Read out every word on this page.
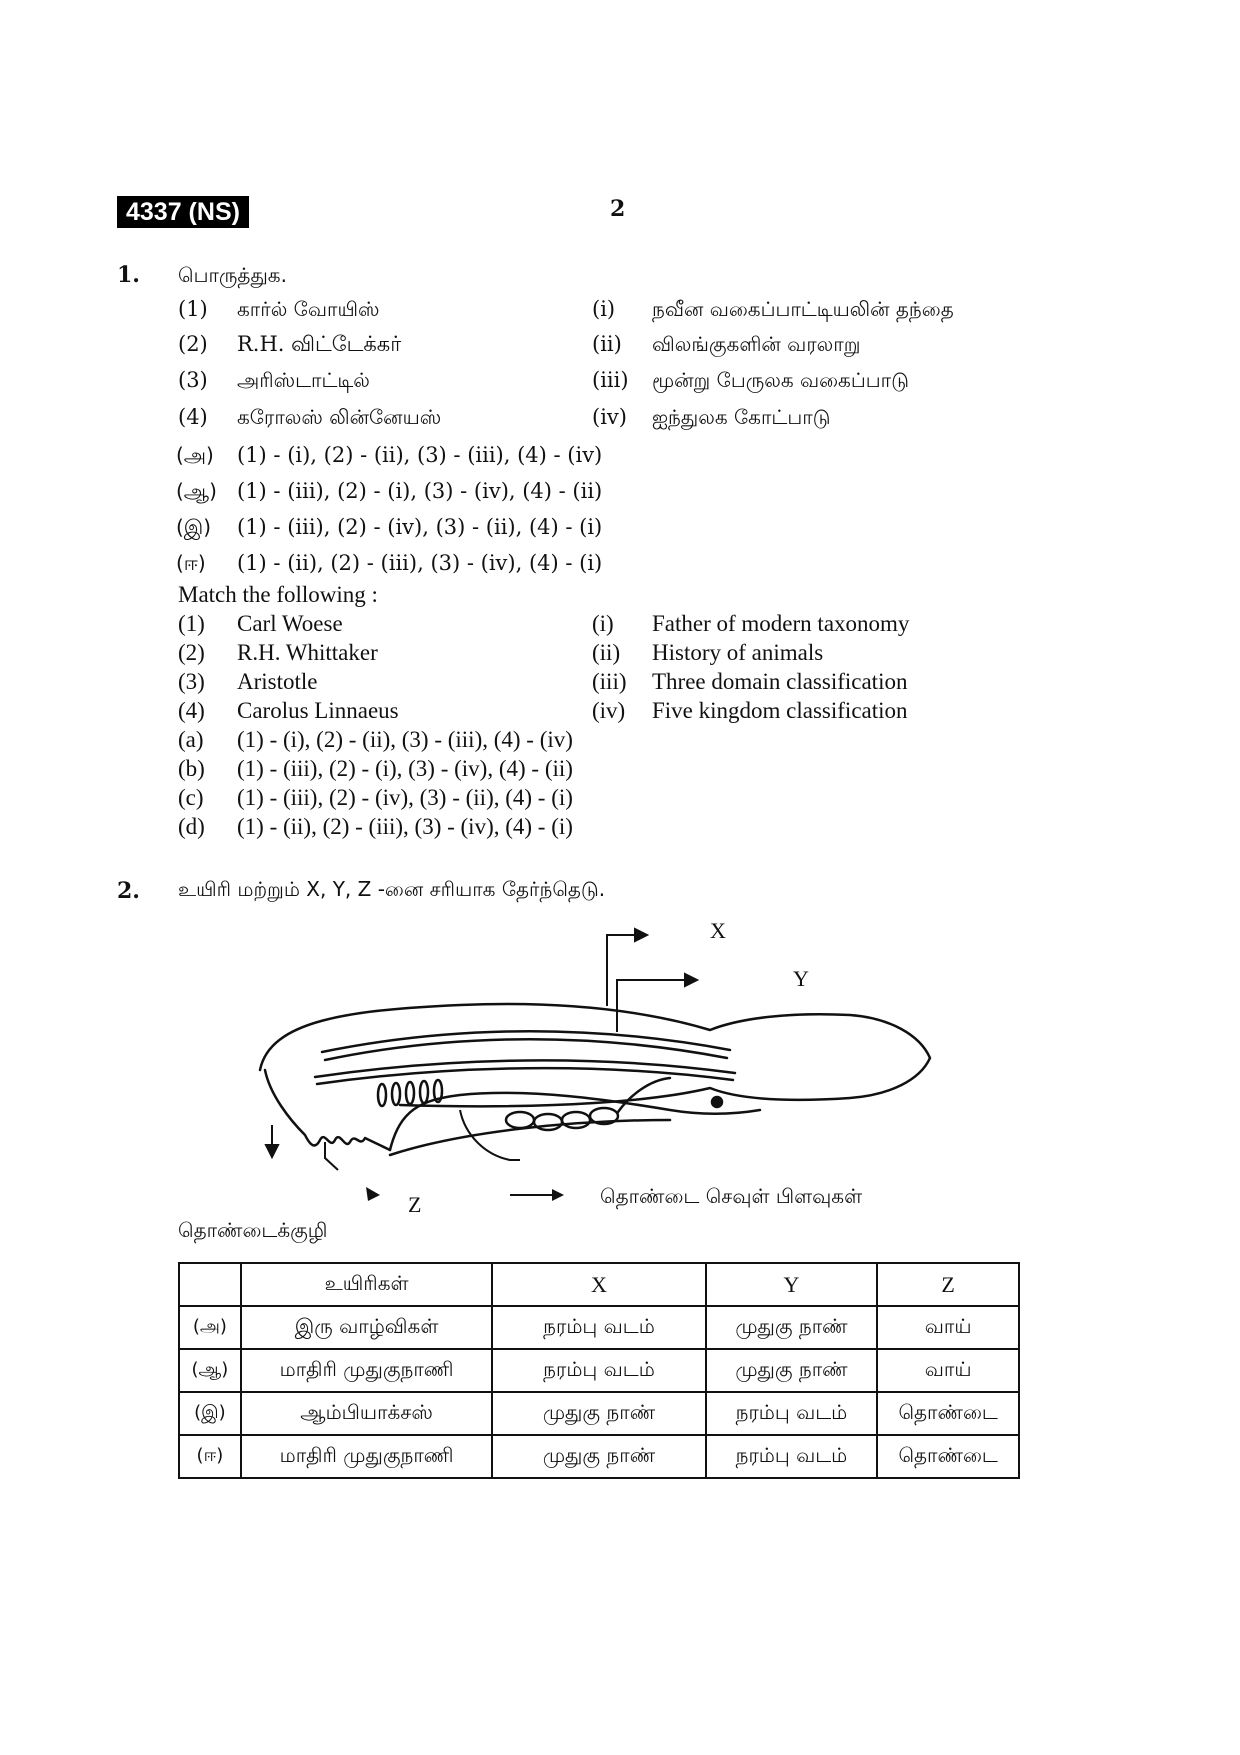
4337 (NS)	2
1. பொருத்துக.
(1) கார்ல் வோயிஸ்	(i) நவீன வகைப்பாட்டியலின் தந்தை
(2) R.H. விட்டேக்கர்	(ii) விலங்குகளின் வரலாறு
(3) அரிஸ்டாட்டில்	(iii) மூன்று பேருலக வகைப்பாடு
(4) கரோலஸ் லின்னேயஸ்	(iv) ஐந்துலக கோட்பாடு
(அ) (1) - (i), (2) - (ii), (3) - (iii), (4) - (iv)
(ஆ) (1) - (iii), (2) - (i), (3) - (iv), (4) - (ii)
(இ) (1) - (iii), (2) - (iv), (3) - (ii), (4) - (i)
(ஈ) (1) - (ii), (2) - (iii), (3) - (iv), (4) - (i)
Match the following :
(1) Carl Woese	(i) Father of modern taxonomy
(2) R.H. Whittaker	(ii) History of animals
(3) Aristotle	(iii) Three domain classification
(4) Carolus Linnaeus	(iv) Five kingdom classification
(a) (1) - (i), (2) - (ii), (3) - (iii), (4) - (iv)
(b) (1) - (iii), (2) - (i), (3) - (iv), (4) - (ii)
(c) (1) - (iii), (2) - (iv), (3) - (ii), (4) - (i)
(d) (1) - (ii), (2) - (iii), (3) - (iv), (4) - (i)
2. உயிரி மற்றும் X, Y, Z -னை சரியாக தேர்ந்தெடு.
X
Y
தொண்டை செவுள் பிளவுகள்
Z
தொண்டைக்குழி
	உயிரிகள்	X	Y	Z
(அ)	இரு வாழ்விகள்	நரம்பு வடம்	முதுகு நாண்	வாய்
(ஆ)	மாதிரி முதுகுநாணி	நரம்பு வடம்	முதுகு நாண்	வாய்
(இ)	ஆம்பியாக்சஸ்	முதுகு நாண்	நரம்பு வடம்	தொண்டை
(ஈ)	மாதிரி முதுகுநாணி	முதுகு நாண்	நரம்பு வடம்	தொண்டை
